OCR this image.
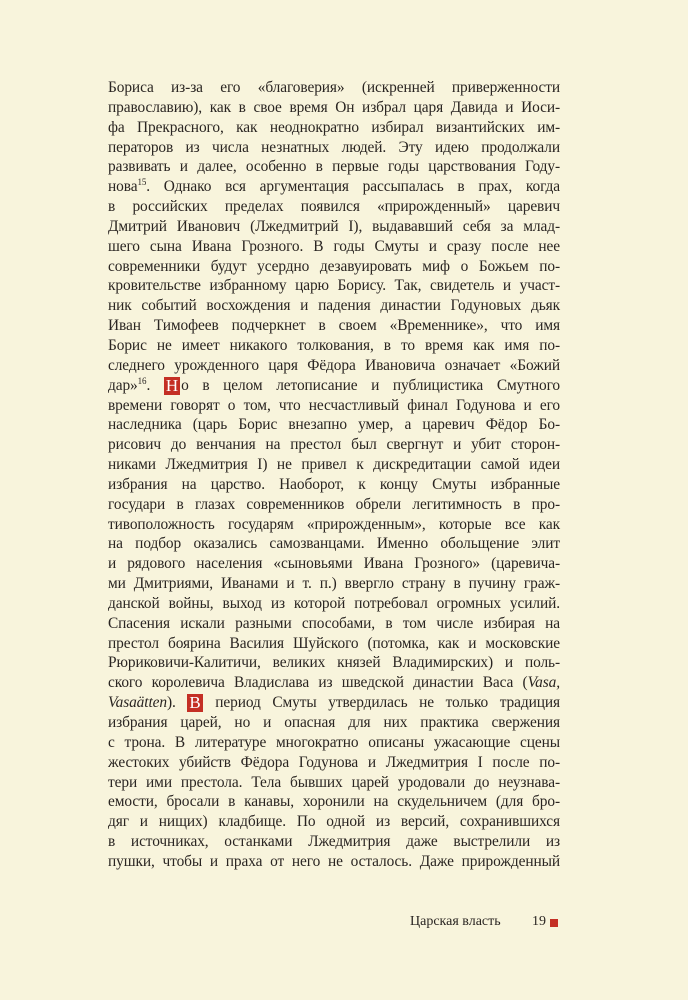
Бориса из-за его «благоверия» (искренней приверженности
православию), как в свое время Он избрал царя Давида и Иоси-
фа Прекрасного, как неоднократно избирал византийских им-
ператоров из числа незнатных людей. Эту идею продолжали
развивать и далее, особенно в первые годы царствования Году-
нова$^{15}$. Однако вся аргументация рассыпалась в прах, когда
в российских пределах появился «прирожденный» царевич
Дмитрий Иванович (Лжедмитрий I), выдававший себя за млад-
шего сына Ивана Грозного. В годы Смуты и сразу после нее
современники будут усердно дезавуировать миф о Божьем по-
кровительстве избранному царю Борису. Так, свидетель и участ-
ник событий восхождения и падения династии Годуновых дьяк
Иван Тимофеев подчеркнет в своем «Временнике», что имя
Борис не имеет никакого толкования, в то время как имя по-
следнего урожденного царя Фёдора Ивановича означает «Божий
дар»$^{16}$. Н о в целом летописание и публицистика Смутного
времени говорят о том, что несчастливый финал Годунова и его
наследника (царь Борис внезапно умер, а царевич Фёдор Бо-
рисович до венчания на престол был свергнут и убит сторон-
никами Лжедмитрия I) не привел к дискредитации самой идеи
избрания на царство. Наоборот, к концу Смуты избранные
государи в глазах современников обрели легитимность в про-
тивоположность государям «прирожденным», которые все как
на подбор оказались самозванцами. Именно обольщение элит
и рядового населения «сыновьями Ивана Грозного» (царевича-
ми Дмитриями, Иванами и т. п.) ввергло страну в пучину граж-
данской войны, выход из которой потребовал огромных усилий.
Спасения искали разными способами, в том числе избирая на
престол боярина Василия Шуйского (потомка, как и московские
Рюриковичи-Калитичи, великих князей Владимирских) и поль-
ского королевича Владислава из шведской династии Васа (Vasa,
Vasaätten). В период Смуты утвердилась не только традиция
избрания царей, но и опасная для них практика свержения
с трона. В литературе многократно описаны ужасающие сцены
жестоких убийств Фёдора Годунова и Лжедмитрия I после по-
тери ими престола. Тела бывших царей уродовали до неузнава-
емости, бросали в канавы, хоронили на скудельничем (для бро-
дяг и нищих) кладбище. По одной из версий, сохранившихся
в источниках, останками Лжедмитрия даже выстрелили из
пушки, чтобы и праха от него не осталось. Даже прирожденный
Царская власть 19
